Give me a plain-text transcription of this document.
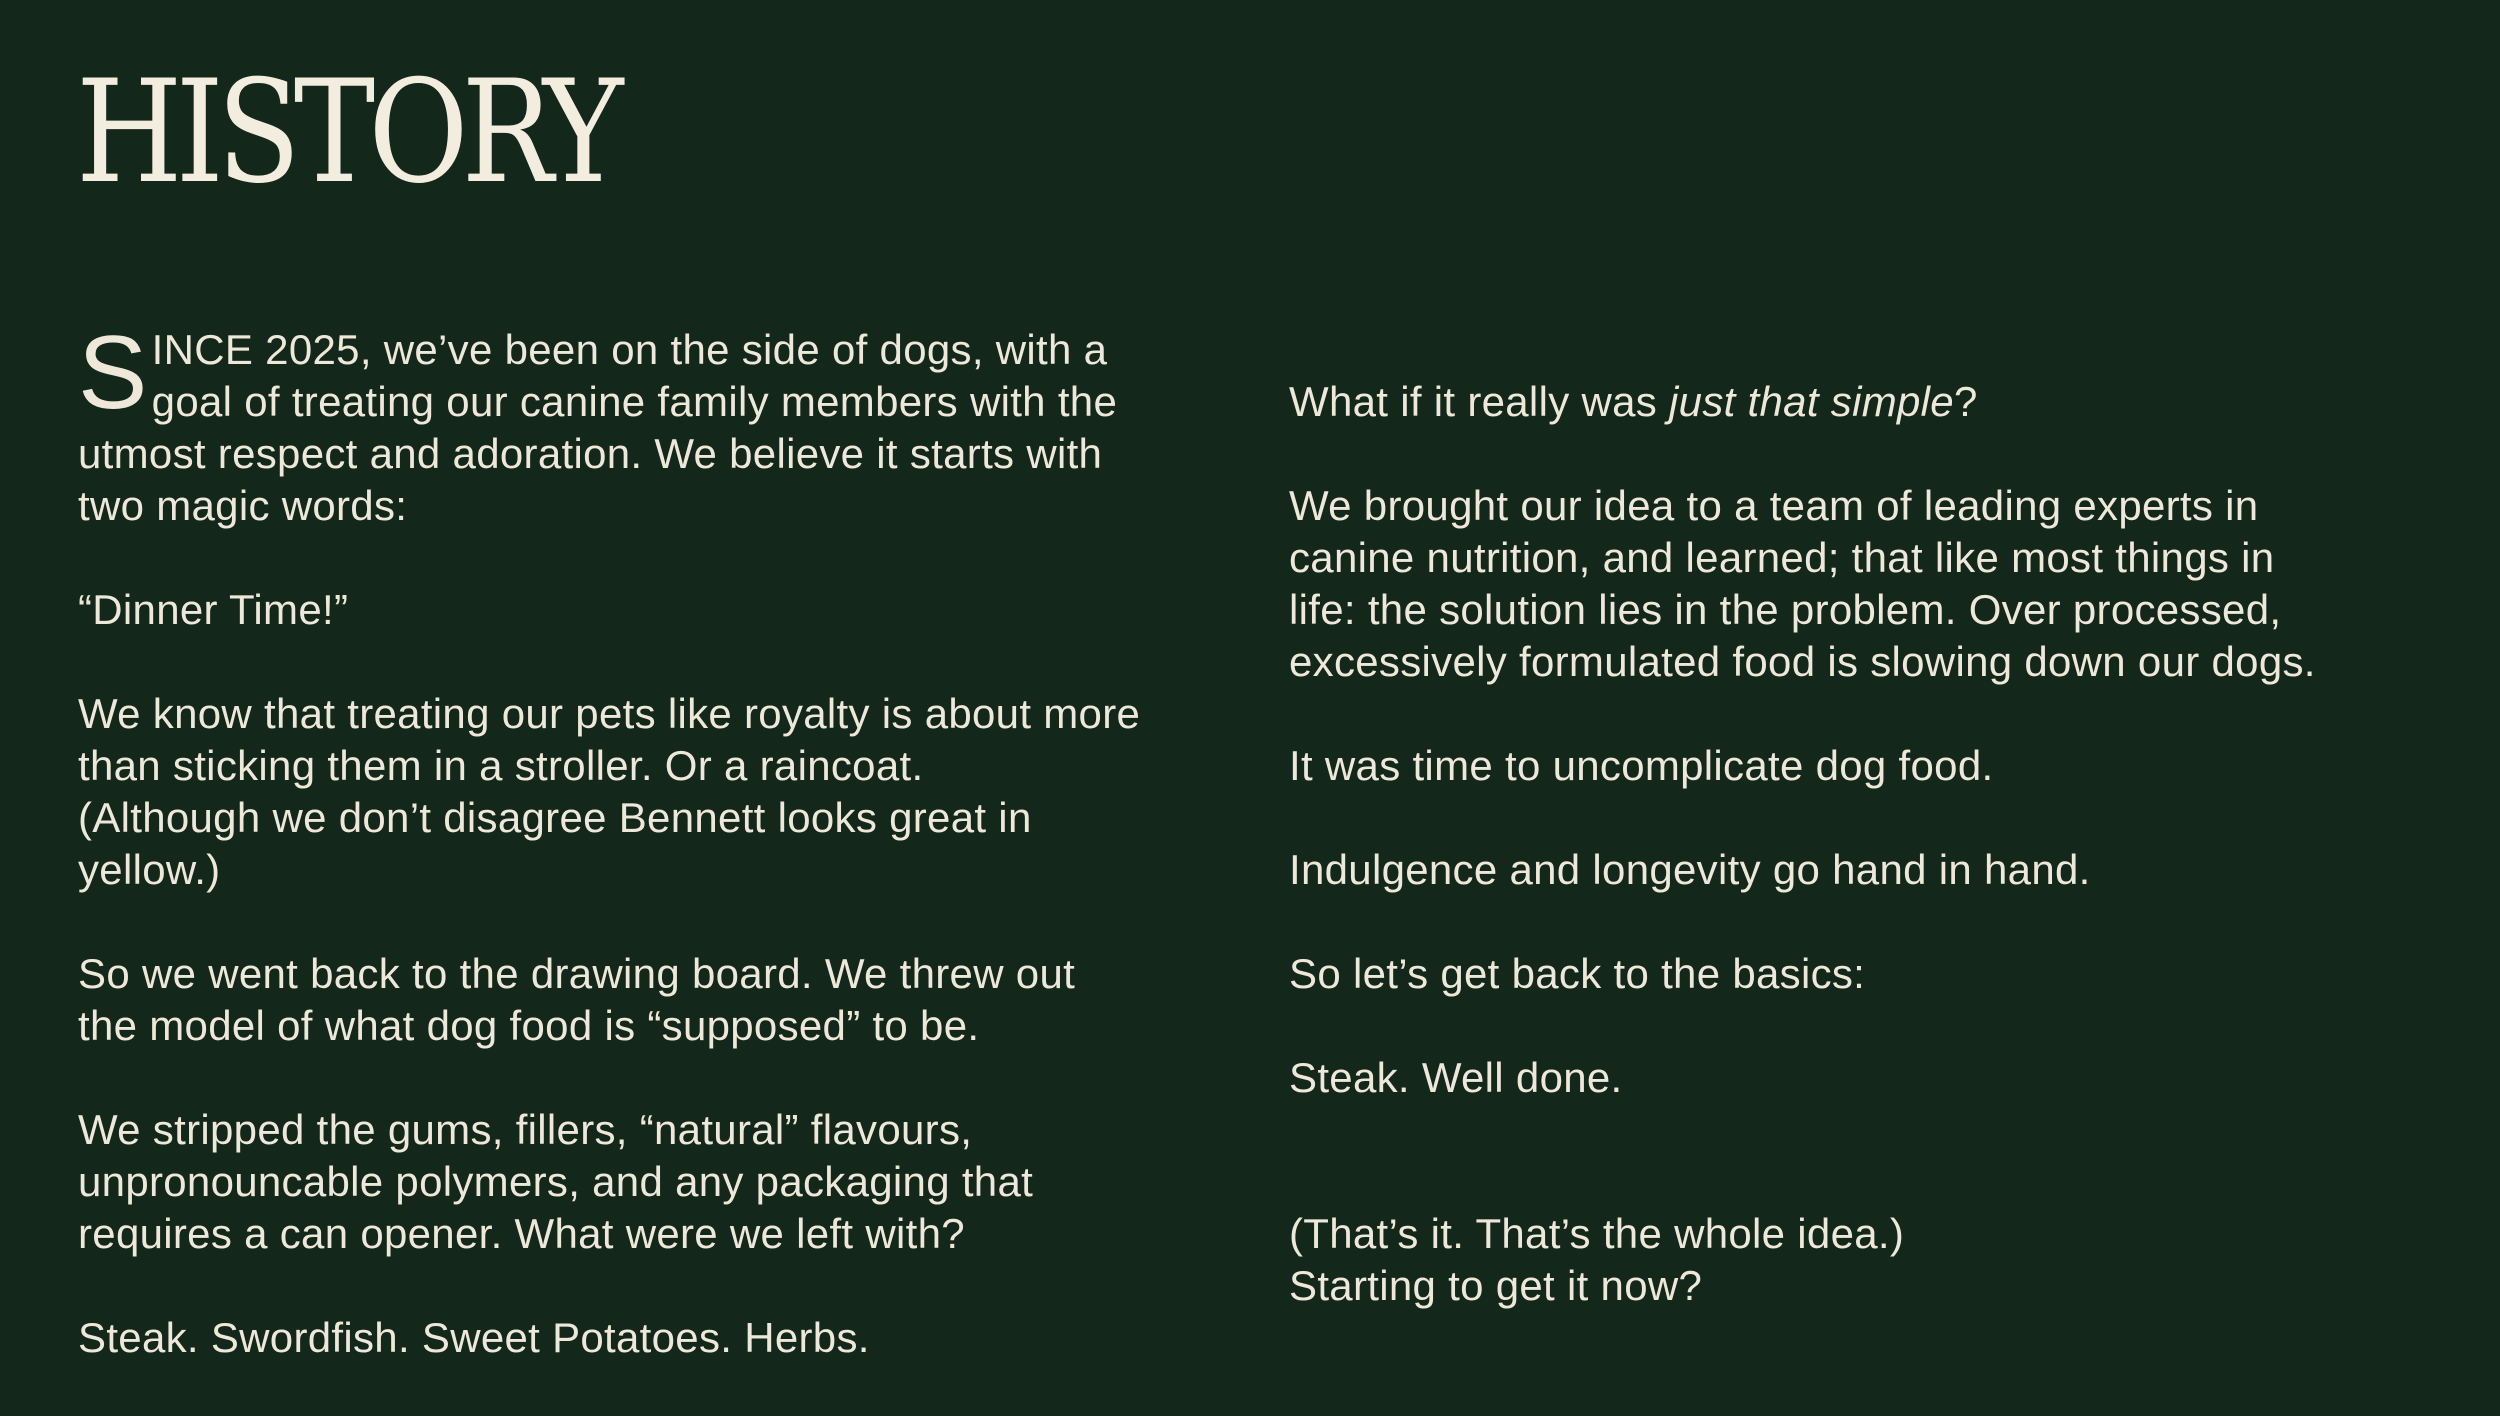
HISTORY
S INCE 2025, we’ve been on the side of dogs, with a
goal of treating our canine family members with the
utmost respect and adoration. We believe it starts with
two magic words:
“Dinner Time!”
We know that treating our pets like royalty is about more
than sticking them in a stroller. Or a raincoat.
(Although we don’t disagree Bennett looks great in
yellow.)
So we went back to the drawing board. We threw out
the model of what dog food is “supposed” to be.
We stripped the gums, fillers, “natural” flavours,
unpronouncable polymers, and any packaging that
requires a can opener. What were we left with?
Steak. Swordfish. Sweet Potatoes. Herbs.
What if it really was just that simple?
We brought our idea to a team of leading experts in
canine nutrition, and learned; that like most things in
life: the solution lies in the problem. Over processed,
excessively formulated food is slowing down our dogs.
It was time to uncomplicate dog food.
Indulgence and longevity go hand in hand.
So let’s get back to the basics:
Steak. Well done.
(That’s it. That’s the whole idea.)
Starting to get it now?
